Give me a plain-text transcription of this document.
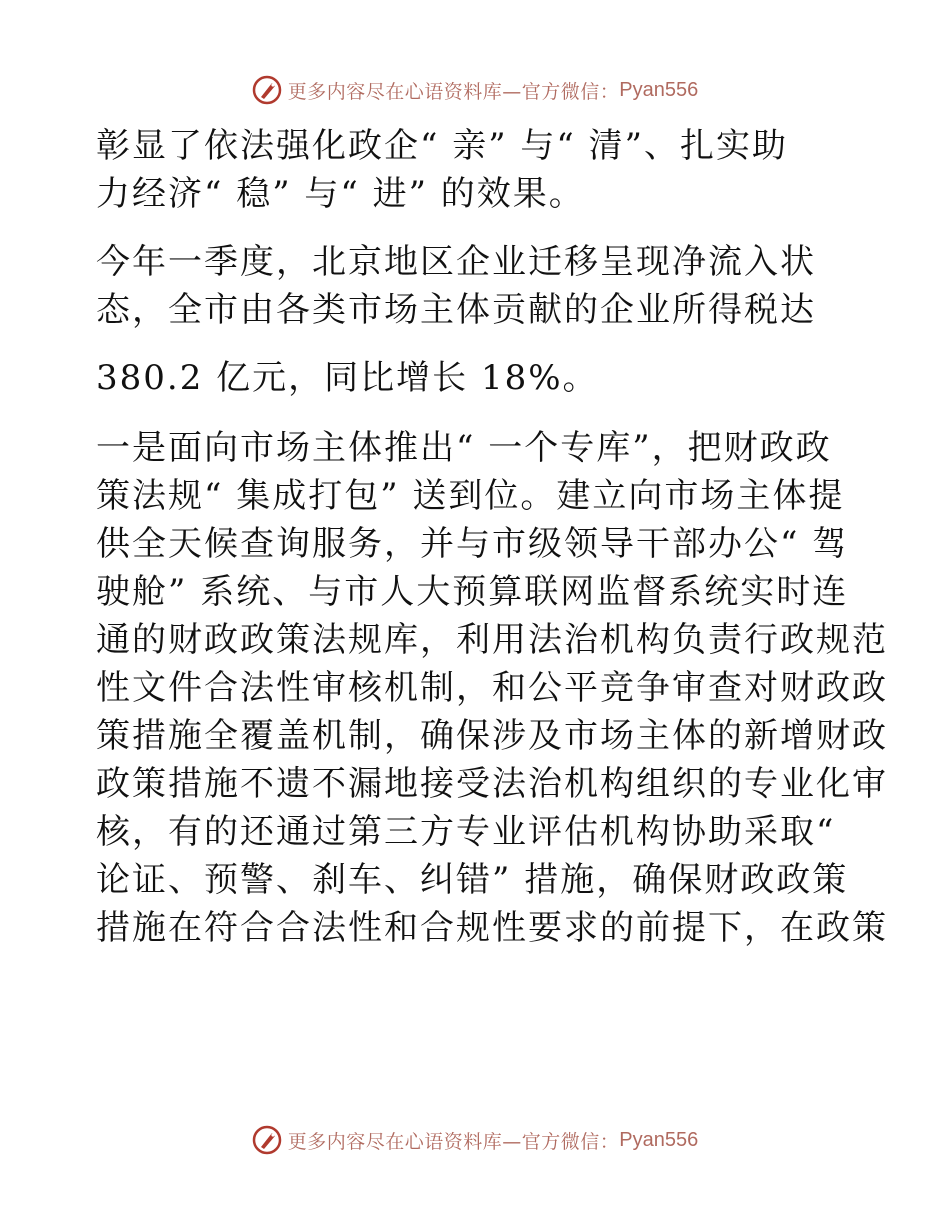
更多内容尽在心语资料库—官方微信： Pyan556
彰显了依法强化政企“ 亲” 与“ 清”、扎实助
力经济“ 稳” 与“ 进” 的效果。
今年一季度，北京地区企业迁移呈现净流入状
态，全市由各类市场主体贡献的企业所得税达
380.2 亿元，同比增长 18%。
一是面向市场主体推出“ 一个专库”，把财政政
策法规“ 集成打包” 送到位。建立向市场主体提
供全天候查询服务，并与市级领导干部办公“ 驾
驶舱” 系统、与市人大预算联网监督系统实时连
通的财政政策法规库，利用法治机构负责行政规范
性文件合法性审核机制，和公平竞争审查对财政政
策措施全覆盖机制，确保涉及市场主体的新增财政
政策措施不遗不漏地接受法治机构组织的专业化审
核，有的还通过第三方专业评估机构协助采取“
论证、预警、刹车、纠错” 措施，确保财政政策
措施在符合合法性和合规性要求的前提下，在政策
更多内容尽在心语资料库—官方微信： Pyan556
